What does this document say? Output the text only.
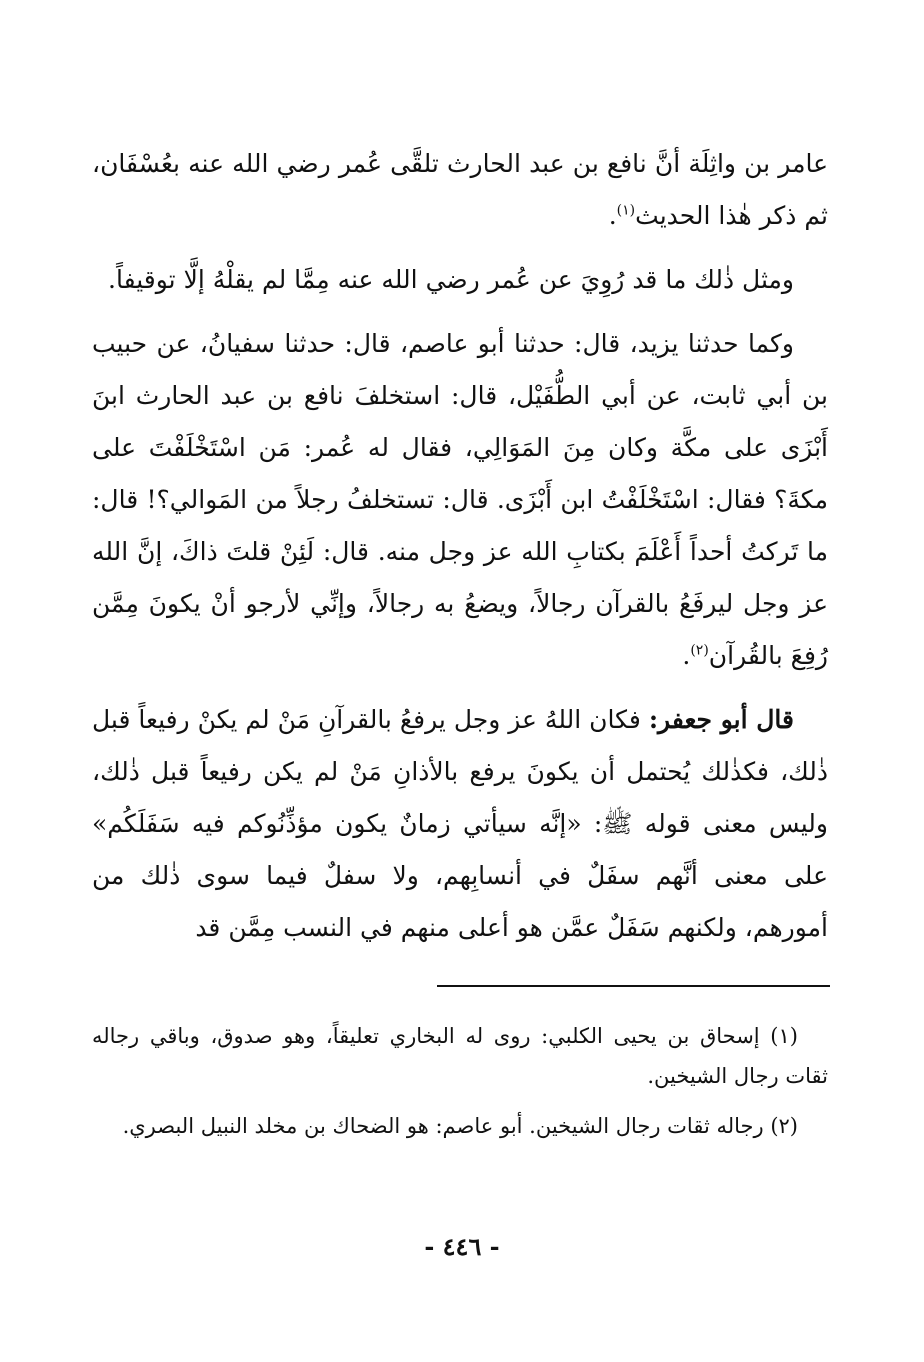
عامر بن واثِلَة أنَّ نافع بن عبد الحارث تلقَّى عُمر رضي الله عنه بعُسْفَان، ثم ذكر هٰذا الحديث$^{(١)}$.

ومثل ذٰلك ما قد رُوِيَ عن عُمر رضي الله عنه مِمَّا لم يقلْهُ إلَّا توقيفاً.

وكما حدثنا يزيد، قال: حدثنا أبو عاصم، قال: حدثنا سفيانُ، عن حبيب بن أبي ثابت، عن أبي الطُّفَيْل، قال: استخلفَ نافع بن عبد الحارث ابنَ أَبْزَى على مكَّة وكان مِنَ المَوَالِي، فقال له عُمر: مَن اسْتَخْلَفْتَ على مكةَ؟ فقال: اسْتَخْلَفْتُ ابن أَبْزَى. قال: تستخلفُ رجلاً من المَوالي؟! قال: ما تَركتُ أحداً أَعْلَمَ بكتابِ الله عز وجل منه. قال: لَئِنْ قلتَ ذاكَ، إنَّ الله عز وجل ليرفَعُ بالقرآن رجالاً، ويضعُ به رجالاً، وإنِّي لأرجو أنْ يكونَ مِمَّن رُفِعَ بالقُرآن$^{(٢)}$.

قال أبو جعفر: فكان اللهُ عز وجل يرفعُ بالقرآنِ مَنْ لم يكنْ رفيعاً قبل ذٰلك، فكذٰلك يُحتمل أن يكونَ يرفع بالأذانِ مَنْ لم يكن رفيعاً قبل ذٰلك، وليس معنى قوله ﷺ: «إنَّه سيأتي زمانٌ يكون مؤذِّنُوكم فيه سَفَلَكُم» على معنى أنَّهم سفَلٌ في أنسابِهم، ولا سفلٌ فيما سوى ذٰلك من أمورهم، ولكنهم سَفَلٌ عمَّن هو أعلى منهم في النسب مِمَّن قد

(١) إسحاق بن يحيى الكلبي: روى له البخاري تعليقاً، وهو صدوق، وباقي رجاله ثقات رجال الشيخين.

(٢) رجاله ثقات رجال الشيخين. أبو عاصم: هو الضحاك بن مخلد النبيل البصري.

- ٤٤٦ -
